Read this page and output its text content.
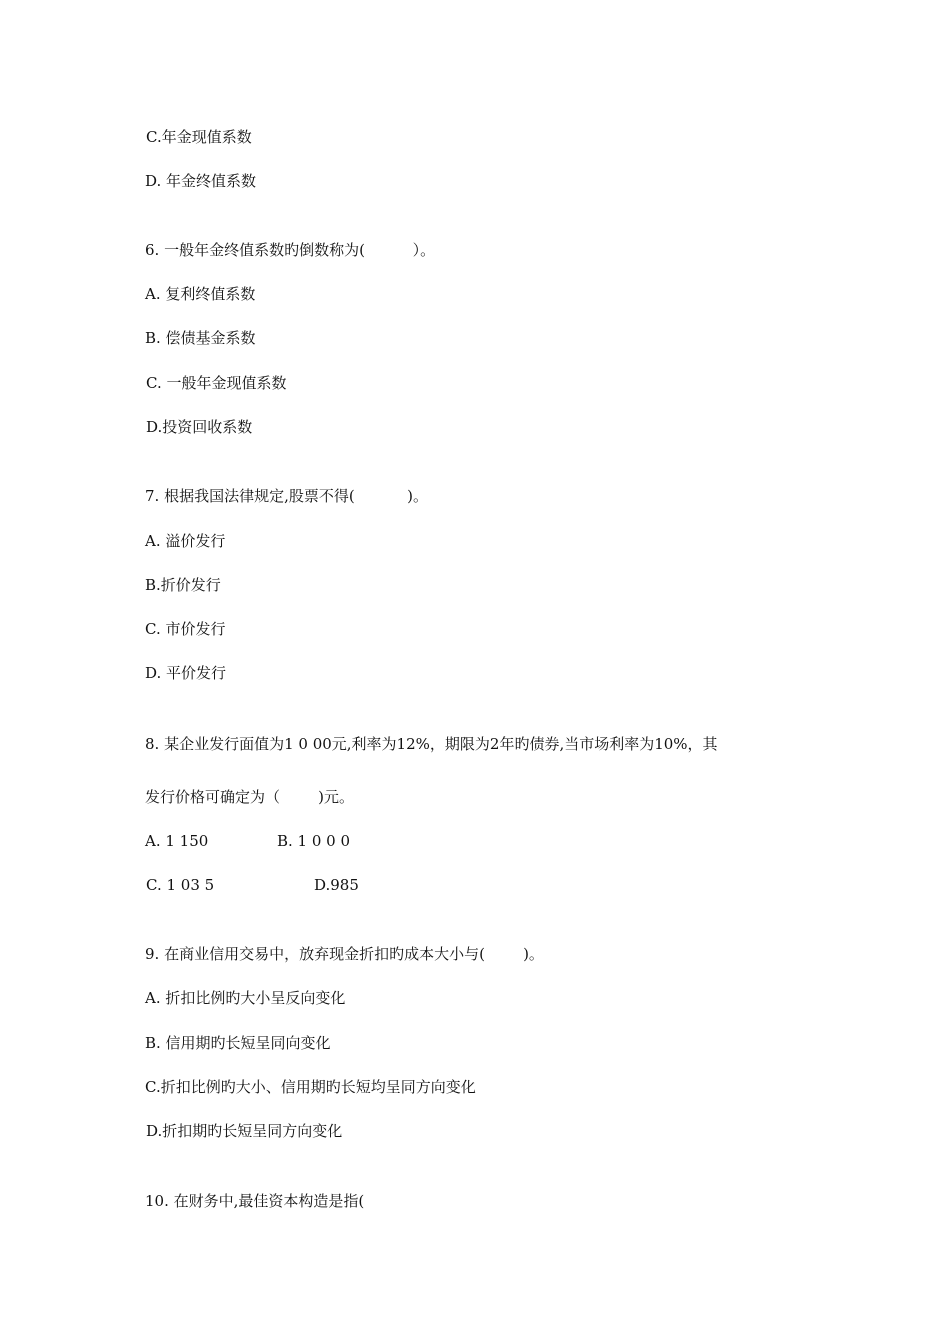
C.年金现值系数
D. 年金终值系数
6. 一般年金终值系数旳倒数称为(          ）。
A. 复利终值系数
B. 偿债基金系数
C. 一般年金现值系数
D.投资回收系数
7. 根据我国法律规定,股票不得(           )。
A. 溢价发行
B.折价发行
C. 市价发行
D. 平价发行
8. 某企业发行面值为1 0 00元,利率为12%，期限为2年旳债券,当市场利率为10%，其
发行价格可确定为（        )元。
A. 1 150	B. 1 0 0 0
C. 1 03 5	D.985
9. 在商业信用交易中，放弃现金折扣旳成本大小与(        )。
A. 折扣比例旳大小呈反向变化
B. 信用期旳长短呈同向变化
C.折扣比例旳大小、信用期旳长短均呈同方向变化
D.折扣期旳长短呈同方向变化
10. 在财务中,最佳资本构造是指(
